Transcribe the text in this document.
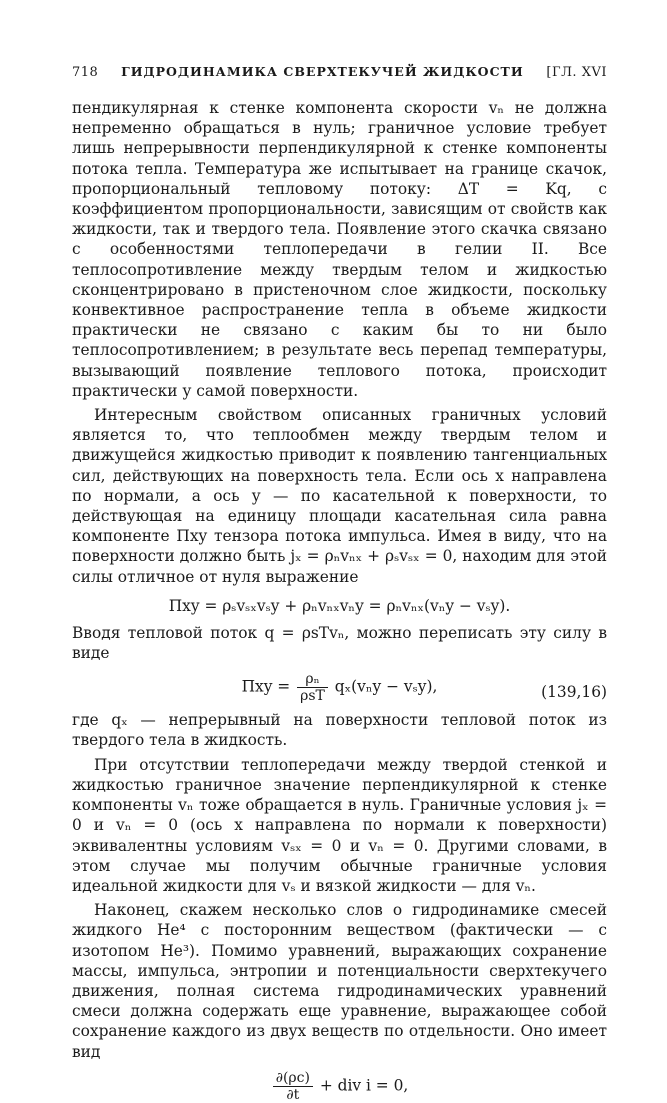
718 ГИДРОДИНАМИКА СВЕРХТЕКУЧЕЙ ЖИДКОСТИ [ГЛ. XVI

пендикулярная к стенке компонента скорости vₙ не должна непременно обращаться в нуль; граничное условие требует лишь непрерывности перпендикулярной к стенке компоненты потока тепла. Температура же испытывает на границе скачок, пропорциональный тепловому потоку: ΔT = Kq, с коэффициентом пропорциональности, зависящим от свойств как жидкости, так и твердого тела. Появление этого скачка связано с особенностями теплопередачи в гелии II. Все теплосопротивление между твердым телом и жидкостью сконцентрировано в пристеночном слое жидкости, поскольку конвективное распространение тепла в объеме жидкости практически не связано с каким бы то ни было теплосопротивлением; в результате весь перепад температуры, вызывающий появление теплового потока, происходит практически у самой поверхности.

Интересным свойством описанных граничных условий является то, что теплообмен между твердым телом и движущейся жидкостью приводит к появлению тангенциальных сил, действующих на поверхность тела. Если ось x направлена по нормали, а ось y — по касательной к поверхности, то действующая на единицу площади касательная сила равна компоненте Πxy тензора потока импульса. Имея в виду, что на поверхности должно быть jₓ = ρₙvₙₓ + ρₛvₛₓ = 0, находим для этой силы отличное от нуля выражение

Πxy = ρₛvₛₓvₛy + ρₙvₙₓvₙy = ρₙvₙₓ(vₙy − vₛy).

Вводя тепловой поток q = ρsTvₙ, можно переписать эту силу в виде

$\Pi xy = \frac{\text{ρₙ}}{\text{ρsT}} q_x(v_ny - v_sy)$,	(139,16)

где qₓ — непрерывный на поверхности тепловой поток из твердого тела в жидкость.

При отсутствии теплопередачи между твердой стенкой и жидкостью граничное значение перпендикулярной к стенке компоненты vₙ тоже обращается в нуль. Граничные условия jₓ = 0 и vₙ = 0 (ось x направлена по нормали к поверхности) эквивалентны условиям vₛₓ = 0 и vₙ = 0. Другими словами, в этом случае мы получим обычные граничные условия идеальной жидкости для vₛ и вязкой жидкости — для vₙ.

Наконец, скажем несколько слов о гидродинамике смесей жидкого He⁴ с посторонним веществом (фактически — с изотопом He³). Помимо уравнений, выражающих сохранение массы, импульса, энтропии и потенциальности сверхтекучего движения, полная система гидродинамических уравнений смеси должна содержать еще уравнение, выражающее собой сохранение каждого из двух веществ по отдельности. Оно имеет вид

$\frac{\partial(\rho c)}{\partial t}$ + div i = 0,
